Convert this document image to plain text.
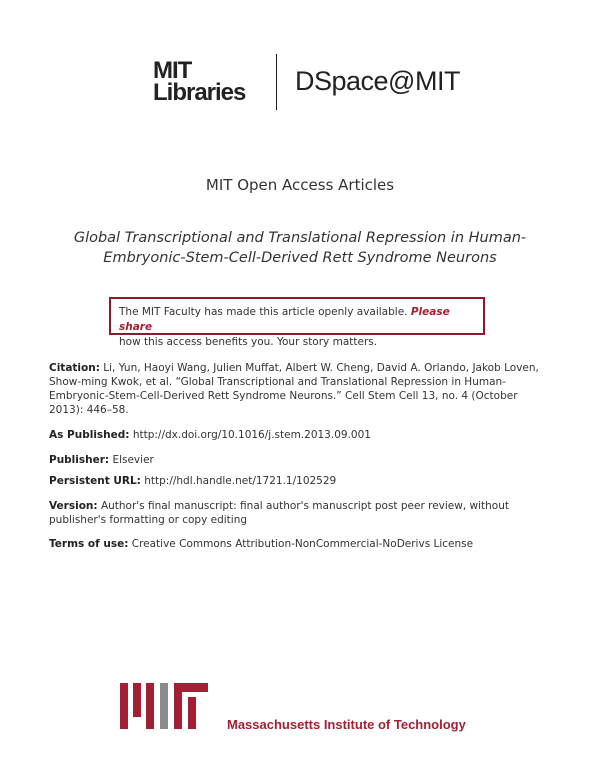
MIT
Libraries DSpace@MIT
MIT Open Access Articles
Global Transcriptional and Translational Repression in Human-
Embryonic-Stem-Cell-Derived Rett Syndrome Neurons
The MIT Faculty has made this article openly available. Please share
how this access benefits you. Your story matters.
Citation: Li, Yun, Haoyi Wang, Julien Muffat, Albert W. Cheng, David A. Orlando, Jakob Loven, Show-ming Kwok, et al. “Global Transcriptional and Translational Repression in Human-Embryonic-Stem-Cell-Derived Rett Syndrome Neurons.” Cell Stem Cell 13, no. 4 (October 2013): 446–58.
As Published: http://dx.doi.org/10.1016/j.stem.2013.09.001
Publisher: Elsevier
Persistent URL: http://hdl.handle.net/1721.1/102529
Version: Author's final manuscript: final author's manuscript post peer review, without publisher's formatting or copy editing
Terms of use: Creative Commons Attribution-NonCommercial-NoDerivs License
Massachusetts Institute of Technology
